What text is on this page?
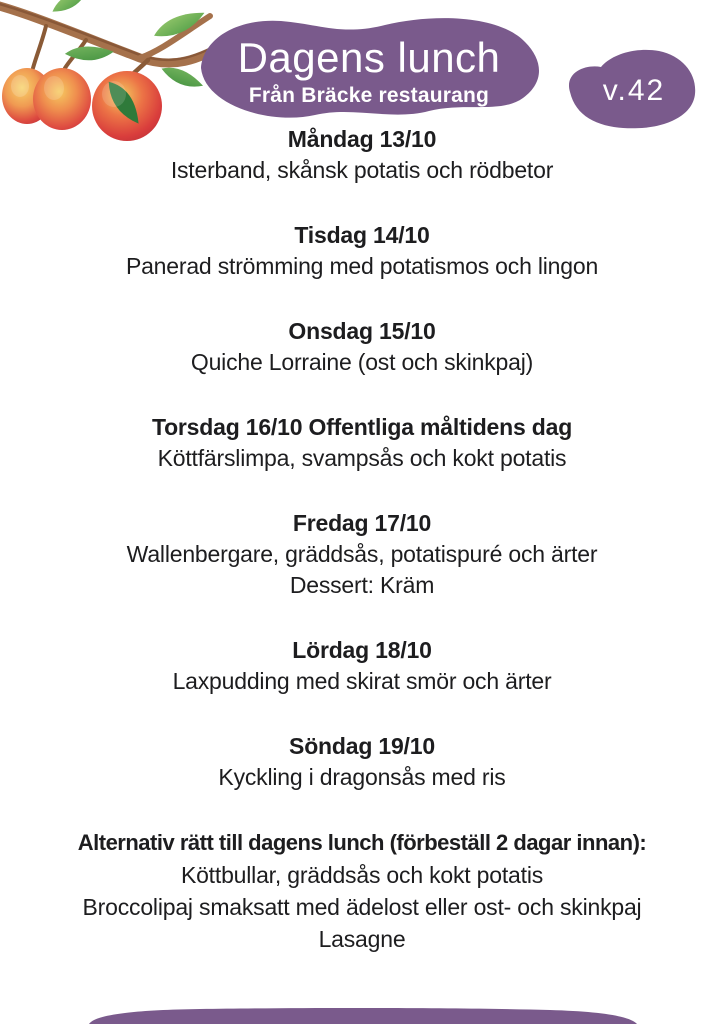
Dagens lunch
Från Bräcke restaurang	v.42
Måndag 13/10
Isterband, skånsk potatis och rödbetor
Tisdag 14/10
Panerad strömming med potatismos och lingon
Onsdag 15/10
Quiche Lorraine (ost och skinkpaj)
Torsdag 16/10 Offentliga måltidens dag
Köttfärslimpa, svampsås och kokt potatis
Fredag 17/10
Wallenbergare, gräddsås, potatispuré och ärter
Dessert: Kräm
Lördag 18/10
Laxpudding med skirat smör och ärter
Söndag 19/10
Kyckling i dragonsås med ris
Alternativ rätt till dagens lunch (förbeställ 2 dagar innan):
Köttbullar, gräddsås och kokt potatis
Broccolipaj smaksatt med ädelost eller ost- och skinkpaj
Lasagne
